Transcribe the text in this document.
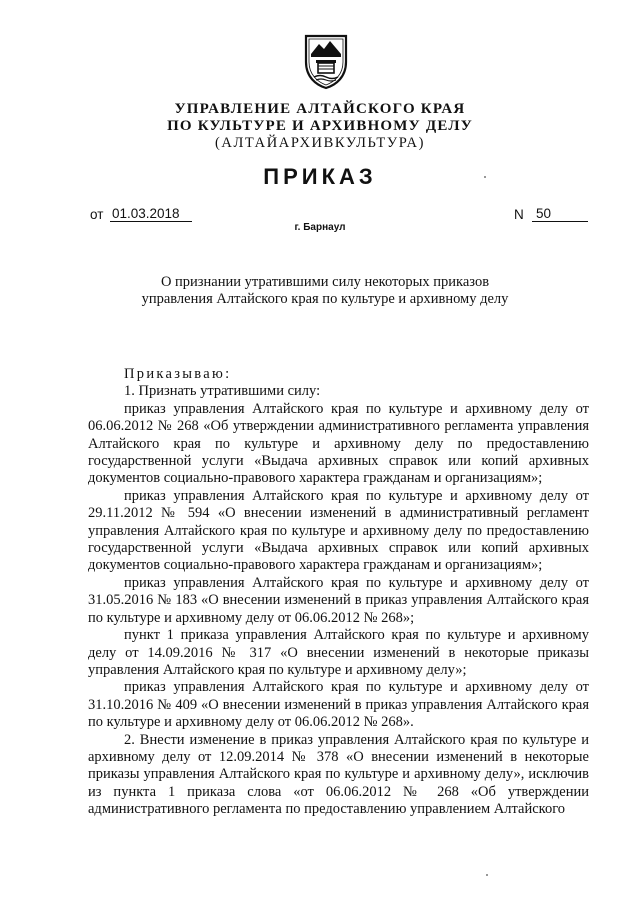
УПРАВЛЕНИЕ АЛТАЙСКОГО КРАЯ
ПО КУЛЬТУРЕ И АРХИВНОМУ ДЕЛУ
(АЛТАЙАРХИВКУЛЬТУРА)
ПРИКАЗ
от 01.03.2018	N 50
г. Барнаул
О признании утратившими силу некоторых приказов
управления Алтайского края по культуре и архивному делу

Приказываю:

1. Признать утратившими силу:

приказ управления Алтайского края по культуре и архивному делу от 06.06.2012 № 268 «Об утверждении административного регламента управления Алтайского края по культуре и архивному делу по предоставлению государственной услуги «Выдача архивных справок или копий архивных документов социально-правового характера гражданам и организациям»;

приказ управления Алтайского края по культуре и архивному делу от 29.11.2012 № 594 «О внесении изменений в административный регламент управления Алтайского края по культуре и архивному делу по предоставлению государственной услуги «Выдача архивных справок или копий архивных документов социально-правового характера гражданам и организациям»;

приказ управления Алтайского края по культуре и архивному делу от 31.05.2016 № 183 «О внесении изменений в приказ управления Алтайского края по культуре и архивному делу от 06.06.2012 № 268»;

пункт 1 приказа управления Алтайского края по культуре и архивному делу от 14.09.2016 № 317 «О внесении изменений в некоторые приказы управления Алтайского края по культуре и архивному делу»;

приказ управления Алтайского края по культуре и архивному делу от 31.10.2016 № 409 «О внесении изменений в приказ управления Алтайского края по культуре и архивному делу от 06.06.2012 № 268».

2. Внести изменение в приказ управления Алтайского края по культуре и архивному делу от 12.09.2014 № 378 «О внесении изменений в некоторые приказы управления Алтайского края по культуре и архивному делу», исключив из пункта 1 приказа слова «от 06.06.2012 № 268 «Об утверждении административного регламента по предоставлению управлением Алтайского
